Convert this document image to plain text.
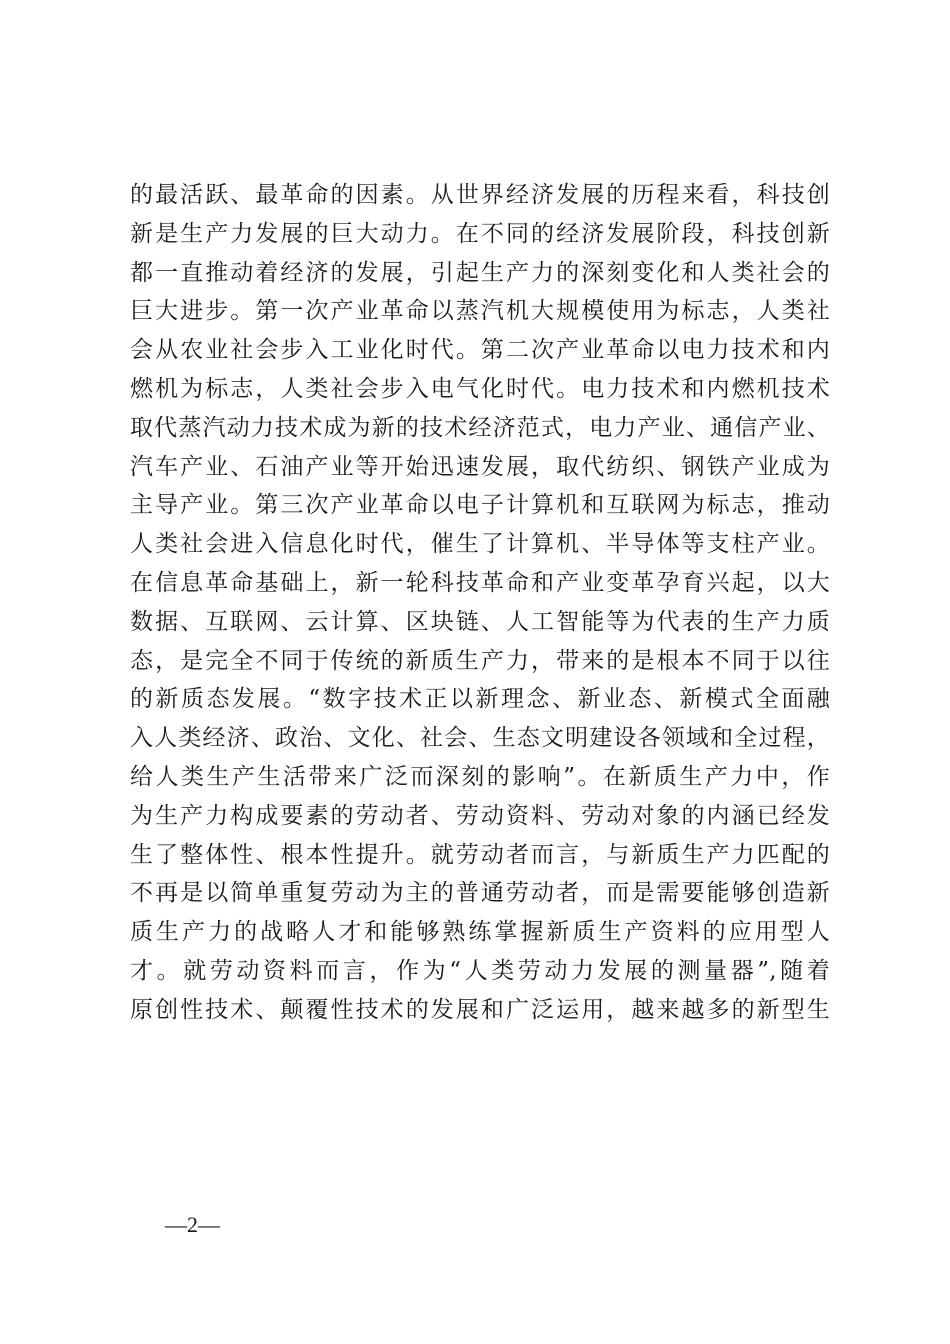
的最活跃、最革命的因素。从世界经济发展的历程来看，科技创
新是生产力发展的巨大动力。在不同的经济发展阶段，科技创新
都一直推动着经济的发展，引起生产力的深刻变化和人类社会的
巨大进步。第一次产业革命以蒸汽机大规模使用为标志，人类社
会从农业社会步入工业化时代。第二次产业革命以电力技术和内
燃机为标志，人类社会步入电气化时代。电力技术和内燃机技术
取代蒸汽动力技术成为新的技术经济范式，电力产业、通信产业、
汽车产业、石油产业等开始迅速发展，取代纺织、钢铁产业成为
主导产业。第三次产业革命以电子计算机和互联网为标志，推动
人类社会进入信息化时代，催生了计算机、半导体等支柱产业。
在信息革命基础上，新一轮科技革命和产业变革孕育兴起，以大
数据、互联网、云计算、区块链、人工智能等为代表的生产力质
态，是完全不同于传统的新质生产力，带来的是根本不同于以往
的新质态发展。“数字技术正以新理念、新业态、新模式全面融
入人类经济、政治、文化、社会、生态文明建设各领域和全过程，
给人类生产生活带来广泛而深刻的影响”。在新质生产力中，作
为生产力构成要素的劳动者、劳动资料、劳动对象的内涵已经发
生了整体性、根本性提升。就劳动者而言，与新质生产力匹配的
不再是以简单重复劳动为主的普通劳动者，而是需要能够创造新
质生产力的战略人才和能够熟练掌握新质生产资料的应用型人
才。就劳动资料而言，作为“人类劳动力发展的测量器”,随着
原创性技术、颠覆性技术的发展和广泛运用，越来越多的新型生
—2—
